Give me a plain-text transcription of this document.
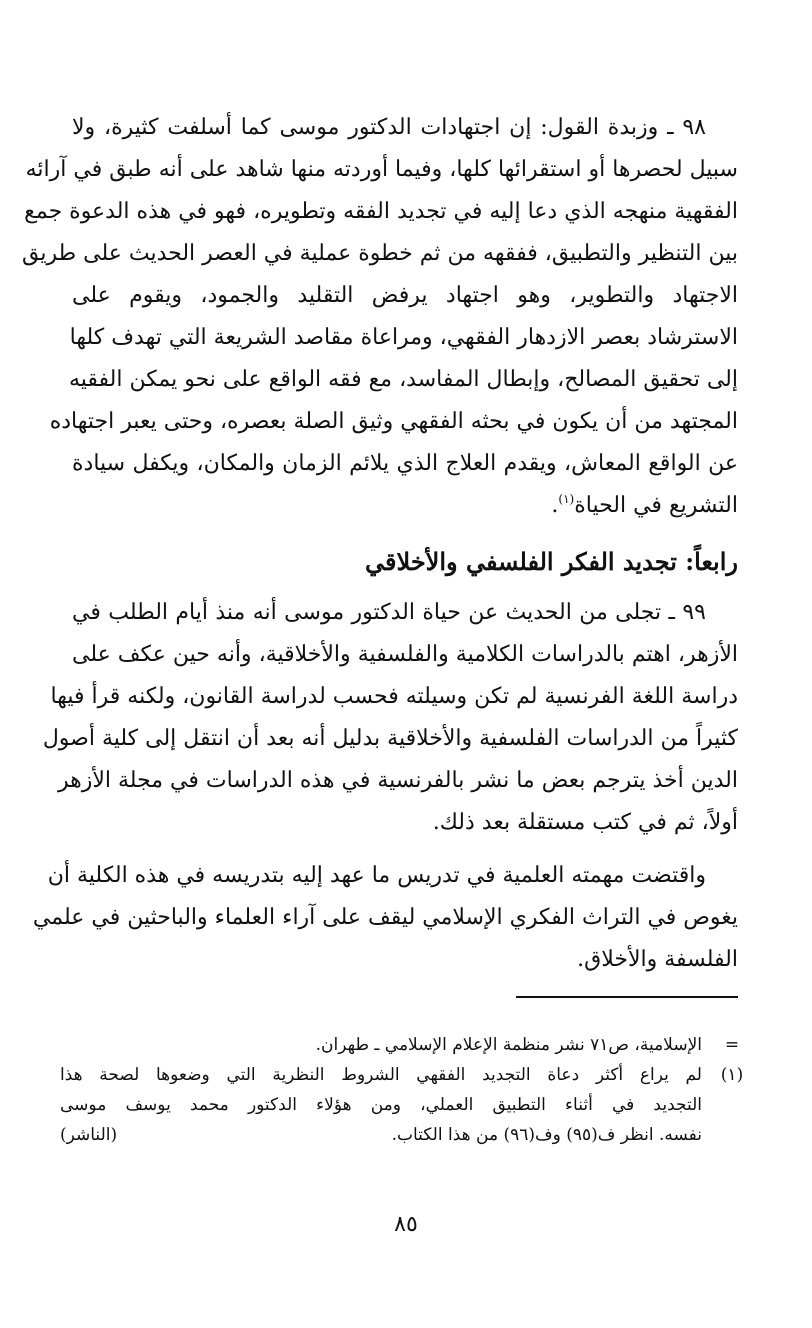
٩٨ ـ وزبدة القول: إن اجتهادات الدكتور موسى كما أسلفت كثيرة، ولا
سبيل لحصرها أو استقرائها كلها، وفيما أوردته منها شاهد على أنه طبق في آرائه
الفقهية منهجه الذي دعا إليه في تجديد الفقه وتطويره، فهو في هذه الدعوة جمع
بين التنظير والتطبيق، ففقهه من ثم خطوة عملية في العصر الحديث على طريق
الاجتهاد والتطوير، وهو اجتهاد يرفض التقليد والجمود، ويقوم على
الاسترشاد بعصر الازدهار الفقهي، ومراعاة مقاصد الشريعة التي تهدف كلها
إلى تحقيق المصالح، وإبطال المفاسد، مع فقه الواقع على نحو يمكن الفقيه
المجتهد من أن يكون في بحثه الفقهي وثيق الصلة بعصره، وحتى يعبر اجتهاده
عن الواقع المعاش، ويقدم العلاج الذي يلائم الزمان والمكان، ويكفل سيادة
التشريع في الحياة$^{(١)}$.
رابعاً: تجديد الفكر الفلسفي والأخلاقي
٩٩ ـ تجلى من الحديث عن حياة الدكتور موسى أنه منذ أيام الطلب في
الأزهر، اهتم بالدراسات الكلامية والفلسفية والأخلاقية، وأنه حين عكف على
دراسة اللغة الفرنسية لم تكن وسيلته فحسب لدراسة القانون، ولكنه قرأ فيها
كثيراً من الدراسات الفلسفية والأخلاقية بدليل أنه بعد أن انتقل إلى كلية أصول
الدين أخذ يترجم بعض ما نشر بالفرنسية في هذه الدراسات في مجلة الأزهر
أولاً، ثم في كتب مستقلة بعد ذلك.
واقتضت مهمته العلمية في تدريس ما عهد إليه بتدريسه في هذه الكلية أن
يغوص في التراث الفكري الإسلامي ليقف على آراء العلماء والباحثين في علمي
الفلسفة والأخلاق.
=
الإسلامية، ص٧١ نشر منظمة الإعلام الإسلامي ـ طهران.
(١)
لم يراع أكثر دعاة التجديد الفقهي الشروط النظرية التي وضعوها لصحة هذا
التجديد في أثناء التطبيق العملي، ومن هؤلاء الدكتور محمد يوسف موسى
نفسه. انظر ف(٩٥) وف(٩٦) من هذا الكتاب.
(الناشر)
٨٥
